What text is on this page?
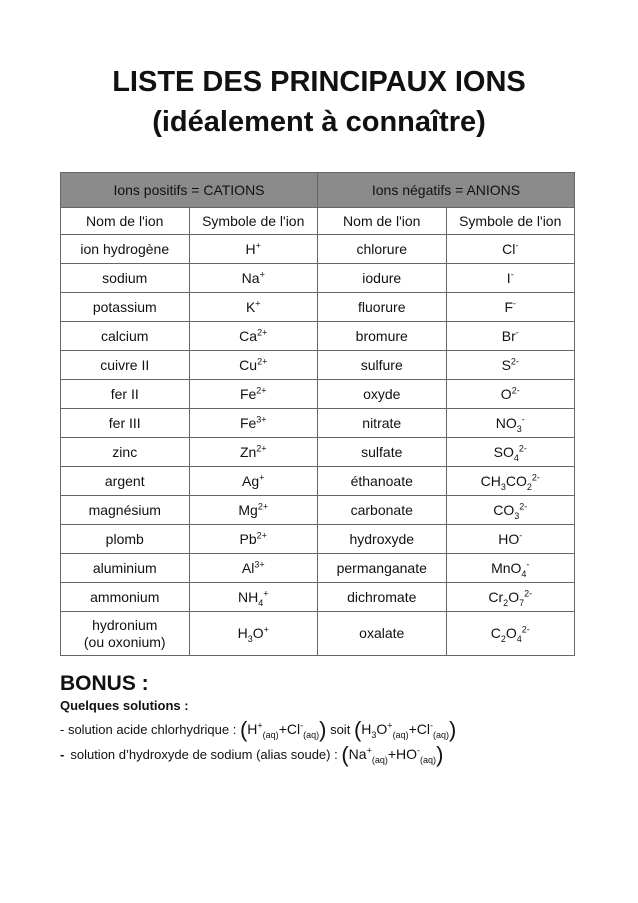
LISTE DES PRINCIPAUX IONS
(idéalement à connaître)
Ions positifs = CATIONS		Ions négatifs = ANIONS	
Nom de l'ion	Symbole de l'ion	Nom de l'ion	Symbole de l'ion
ion hydrogène	H+	chlorure	Cl-
sodium	Na+	iodure	I-
potassium	K+	fluorure	F-
calcium	$Ca^{2+}$	bromure	Br-
cuivre II	$Cu^{2+}$	sulfure	$S^{2-}$
fer II	$Fe^{2+}$	oxyde	$O^{2-}$
fer III	$Fe^{3+}$	nitrate	$NO_3^-$
zinc	$Zn^{2+}$	sulfate	$SO_4^{2-}$
argent	Ag+	éthanoate	$CH_3CO_2^{2-}$
magnésium	$Mg^{2+}$	carbonate	$CO_3^{2-}$
plomb	$Pb^{2+}$	hydroxyde	HO-
aluminium	$Al^{3+}$	permanganate	MnO$_4$-
ammonium	$NH_4^+$	dichromate	$Cr_2O_7^{2-}$
hydronium
(ou oxonium)	$H_3O^+$	oxalate	$C_2O_4^{2-}$
BONUS :
Quelques solutions :
- solution acide chlorhydrique : $(H^+_{(aq)}+Cl^-_{(aq)})$ soit $(H_3O^+_{(aq)}+Cl^-_{(aq)})$
- solution d’hydroxyde de sodium (alias soude) : $(Na^+_{(aq)}+HO^-_{(aq)})$
